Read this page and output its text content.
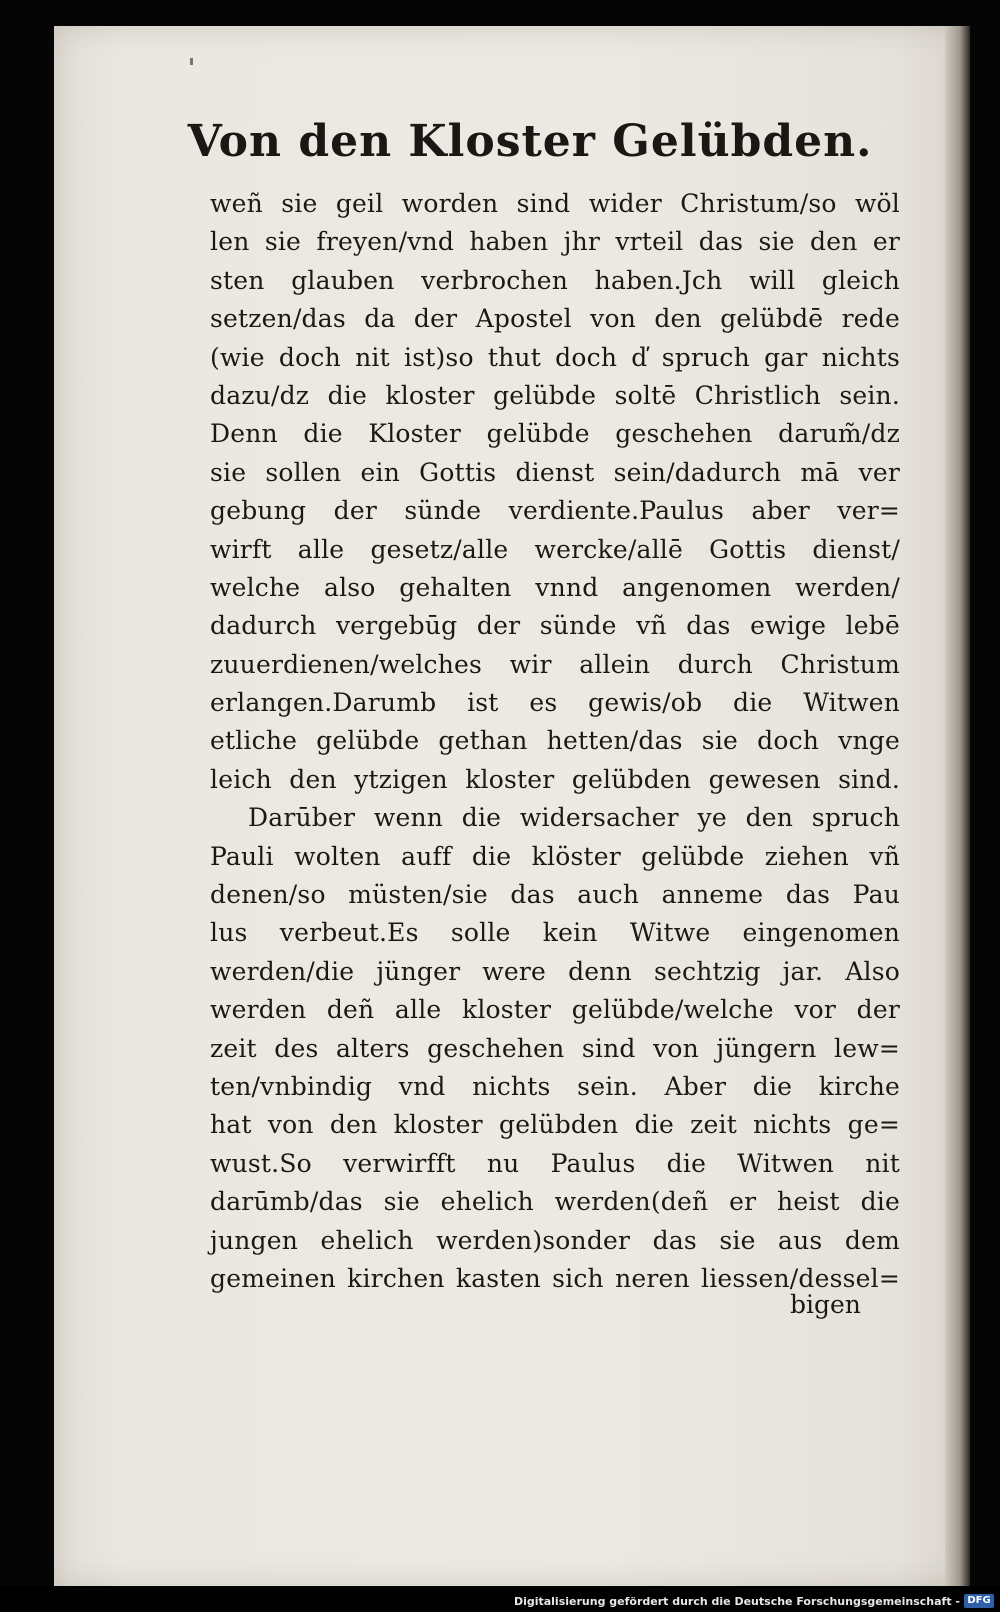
Von den Kloster Gelübden.
weñ sie geil worden sind wider Christum/so wöl
len sie freyen/vnd haben jhr vrteil das sie den er
sten glauben verbrochen haben.Jch will gleich
setzen/das da der Apostel von den gelübdē rede
(wie doch nit ist)so thut doch ď spruch gar nichts
dazu/dz die kloster gelübde soltē Christlich sein.
Denn die Kloster gelübde geschehen darum̃/dz
sie sollen ein Gottis dienst sein/dadurch mā ver
gebung der sünde verdiente.Paulus aber ver=
wirft alle gesetz/alle wercke/allē Gottis dienst/
welche also gehalten vnnd angenomen werden/
dadurch vergebūg der sünde vñ das ewige lebē
zuuerdienen/welches wir allein durch Christum
erlangen.Darumb ist es gewis/ob die Witwen
etliche gelübde gethan hetten/das sie doch vnge
leich den ytzigen kloster gelübden gewesen sind.
Darūber wenn die widersacher ye den spruch
Pauli wolten auff die klöster gelübde ziehen vñ
denen/so müsten/sie das auch anneme das Pau
lus verbeut.Es solle kein Witwe eingenomen
werden/die jünger were denn sechtzig jar. Also
werden deñ alle kloster gelübde/welche vor der
zeit des alters geschehen sind von jüngern lew=
ten/vnbindig vnd nichts sein. Aber die kirche
hat von den kloster gelübden die zeit nichts ge=
wust.So verwirfft nu Paulus die Witwen nit
darūmb/das sie ehelich werden(deñ er heist die
jungen ehelich werden)sonder das sie aus dem
gemeinen kirchen kasten sich neren liessen/dessel=
bigen
Digitalisierung gefördert durch die Deutsche Forschungsgemeinschaft - DFG
